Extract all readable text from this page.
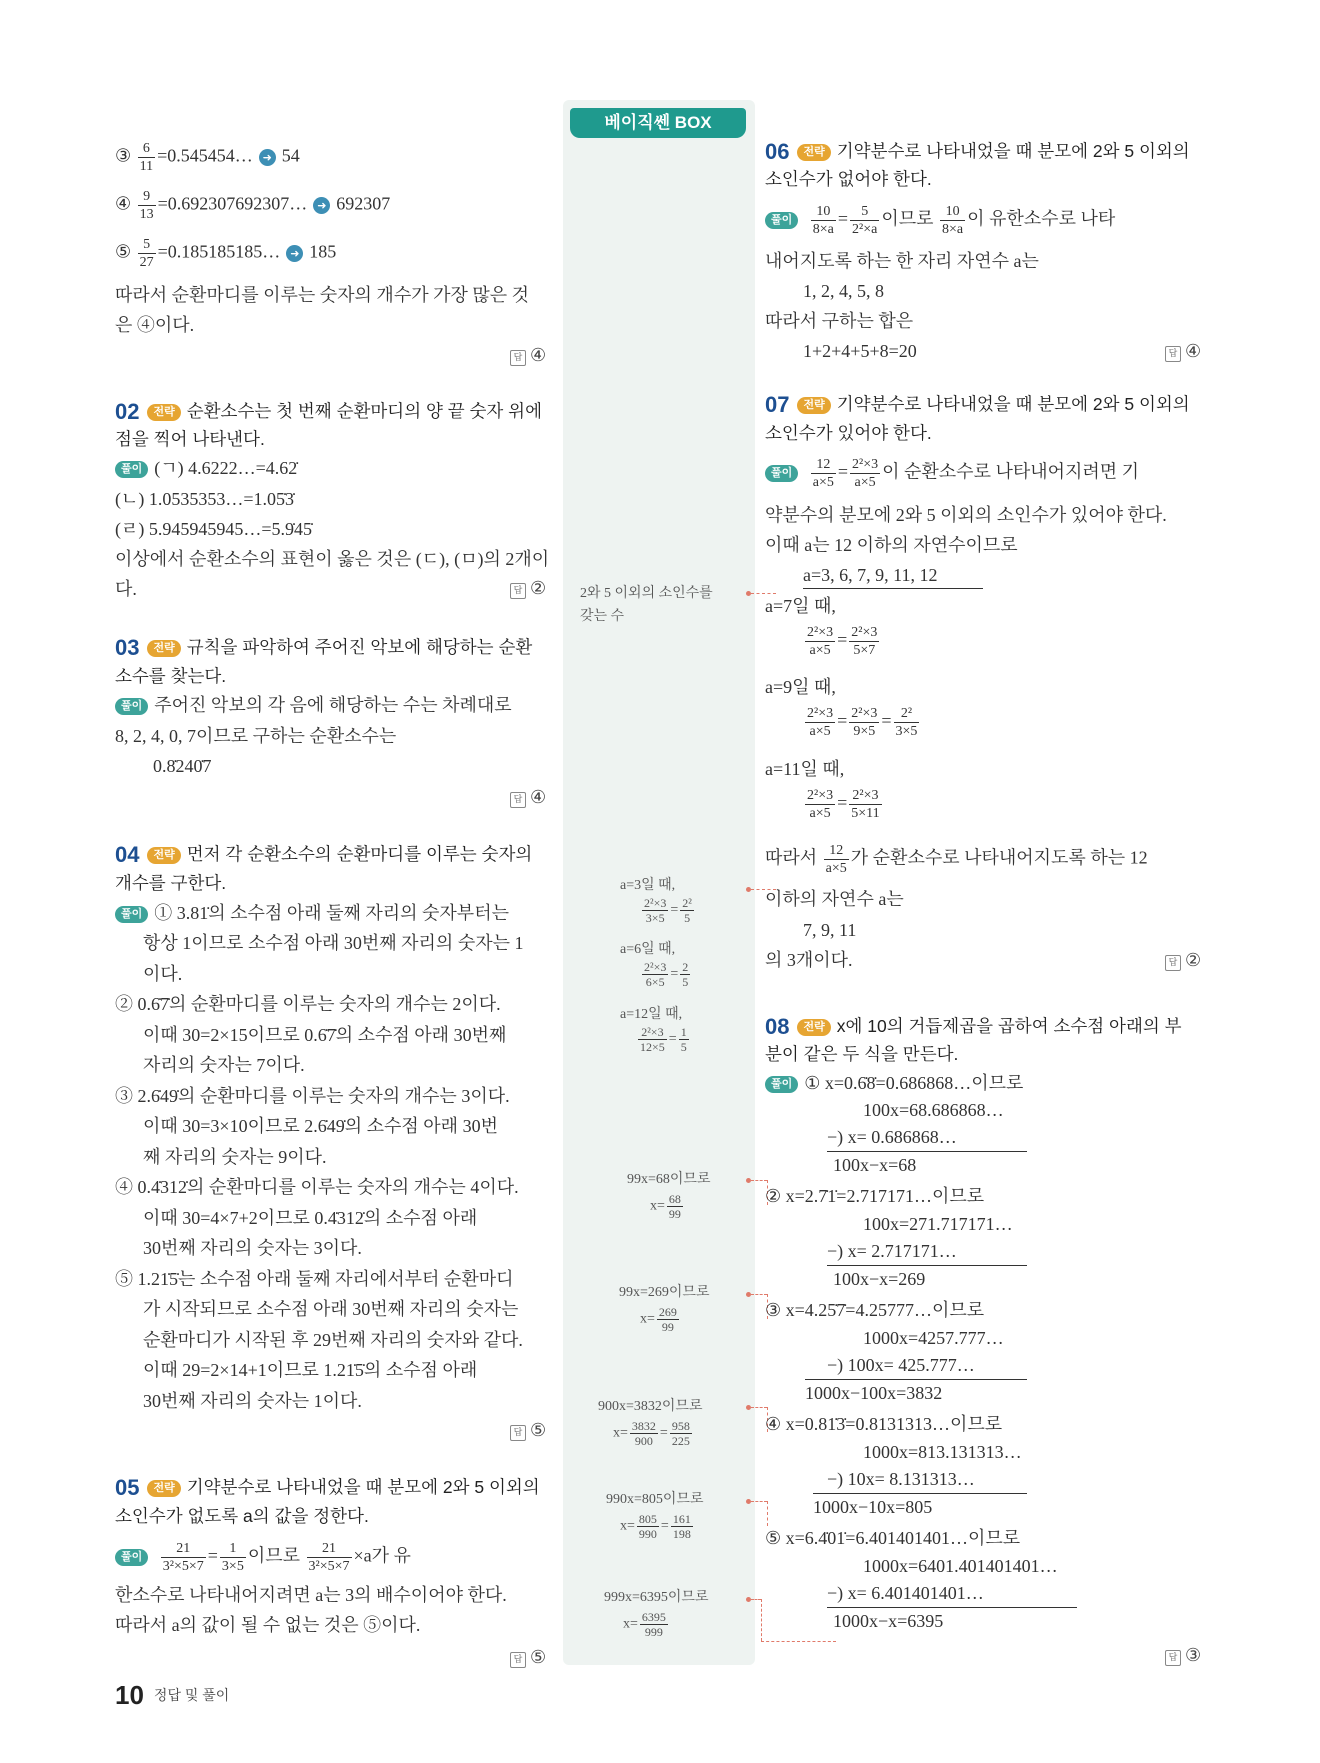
베이직쎈 BOX
③ $\frac{6}{11}$ =0.545454… ➜ 54
④ $\frac{9}{13}$ =0.692307692307… ➜ 692307
⑤ $\frac{5}{27}$ =0.185185185… ➜ 185
따라서 순환마디를 이루는 숫자의 개수가 가장 많은 것
은 ④이다.
답 ④
02 전략 순환소수는 첫 번째 순환마디의 양 끝 숫자 위에
점을 찍어 나타낸다.
풀이 (ㄱ) 4.6222…=4.62̇
(ㄴ) 1.0535353…=1.05̇3̇
(ㄹ) 5.945945945…=5.9̇45̇
이상에서 순환소수의 표현이 옳은 것은 (ㄷ), (ㅁ)의 2개이
다.	답 ②
03 전략 규칙을 파악하여 주어진 악보에 해당하는 순환
소수를 찾는다.
풀이 주어진 악보의 각 음에 해당하는 수는 차례대로
8, 2, 4, 0, 7이므로 구하는 순환소수는
0.8̇240̇7
답 ④
04 전략 먼저 각 순환소수의 순환마디를 이루는 숫자의
개수를 구한다.
풀이 ① 3.81̇의 소수점 아래 둘째 자리의 숫자부터는
항상 1이므로 소수점 아래 30번째 자리의 숫자는 1
이다.
② 0.6̇7̇의 순환마디를 이루는 숫자의 개수는 2이다.
이때 30=2×15이므로 0.6̇7̇의 소수점 아래 30번째
자리의 숫자는 7이다.
③ 2.6̇49̇의 순환마디를 이루는 숫자의 개수는 3이다.
이때 30=3×10이므로 2.6̇49̇의 소수점 아래 30번
째 자리의 숫자는 9이다.
④ 0.4̇312̇의 순환마디를 이루는 숫자의 개수는 4이다.
이때 30=4×7+2이므로 0.4̇312̇의 소수점 아래
30번째 자리의 숫자는 3이다.
⑤ 1.21̇5̇는 소수점 아래 둘째 자리에서부터 순환마디
가 시작되므로 소수점 아래 30번째 자리의 숫자는
순환마디가 시작된 후 29번째 자리의 숫자와 같다.
이때 29=2×14+1이므로 1.21̇5̇의 소수점 아래
30번째 자리의 숫자는 1이다.
답 ⑤
05 전략 기약분수로 나타내었을 때 분모에 2와 5 이외의
소인수가 없도록 a의 값을 정한다.
풀이 $\frac{21}{\text{3²×5×7}} = \frac{1}{3\times 5}$ 이므로 $\frac{21}{\text{3²×5×7}} \times a$가 유
한소수로 나타내어지려면 a는 3의 배수이어야 한다.
따라서 a의 값이 될 수 없는 것은 ⑤이다.
답 ⑤
2와 5 이외의 소인수를
갖는 수
a=3일 때,
$\frac{\text{2²×3}}{3\times 5} = \frac{\text{2²}}{5}$
a=6일 때,
$\frac{\text{2²×3}}{6\times 5} = \frac{2}{5}$
a=12일 때,
$\frac{\text{2²×3}}{12\times 5} = \frac{1}{5}$
99x=68이므로
$x= \frac{68}{99}$
99x=269이므로
$x= \frac{269}{99}$
900x=3832이므로
$x= \frac{3832}{900} = \frac{958}{225}$
990x=805이므로
$x= \frac{805}{990} = \frac{161}{198}$
999x=6395이므로
$x= \frac{6395}{999}$
06 전략 기약분수로 나타내었을 때 분모에 2와 5 이외의
소인수가 없어야 한다.
풀이 $\frac{10}{8\times a} = \frac{5}{\text{2²×a}}$ 이므로 $\frac{10}{8\times a}$ 이 유한소수로 나타
내어지도록 하는 한 자리 자연수 a는
1, 2, 4, 5, 8
따라서 구하는 합은
1+2+4+5+8=20	답 ④
07 전략 기약분수로 나타내었을 때 분모에 2와 5 이외의
소인수가 있어야 한다.
풀이 $\frac{12}{a\times 5} = \frac{\text{2²×3}}{a\times 5}$ 이 순환소수로 나타내어지려면 기
약분수의 분모에 2와 5 이외의 소인수가 있어야 한다.
이때 a는 12 이하의 자연수이므로
a=3, 6, 7, 9, 11, 12
a=7일 때,
$\frac{\text{2²×3}}{a\times 5} = \frac{\text{2²×3}}{5\times 7}$
a=9일 때,
$\frac{\text{2²×3}}{a\times 5} = \frac{\text{2²×3}}{9\times 5} = \frac{\text{2²}}{3\times 5}$
a=11일 때,
$\frac{\text{2²×3}}{a\times 5} = \frac{\text{2²×3}}{5\times 11}$
따라서 $\frac{12}{a\times 5}$ 가 순환소수로 나타내어지도록 하는 12
이하의 자연수 a는
7, 9, 11
의 3개이다.	답 ②
08 전략 x에 10의 거듭제곱을 곱하여 소수점 아래의 부
분이 같은 두 식을 만든다.
풀이 ① x=0.6̇8̇=0.686868…이므로
100x=68.686868…
−) x= 0.686868…
100x−x=68
② x=2.7̇1̇=2.717171…이므로
100x=271.717171…
−) x= 2.717171…
100x−x=269
③ x=4.25̇7̇=4.25777…이므로
1000x=4257.777…
−) 100x= 425.777…
1000x−100x=3832
④ x=0.81̇3̇=0.8131313…이므로
1000x=813.131313…
−) 10x= 8.131313…
1000x−10x=805
⑤ x=6.4̇01̇=6.401401401…이므로
1000x=6401.401401401…
−) x= 6.401401401…
1000x−x=6395
답 ③
10 정답 및 풀이
